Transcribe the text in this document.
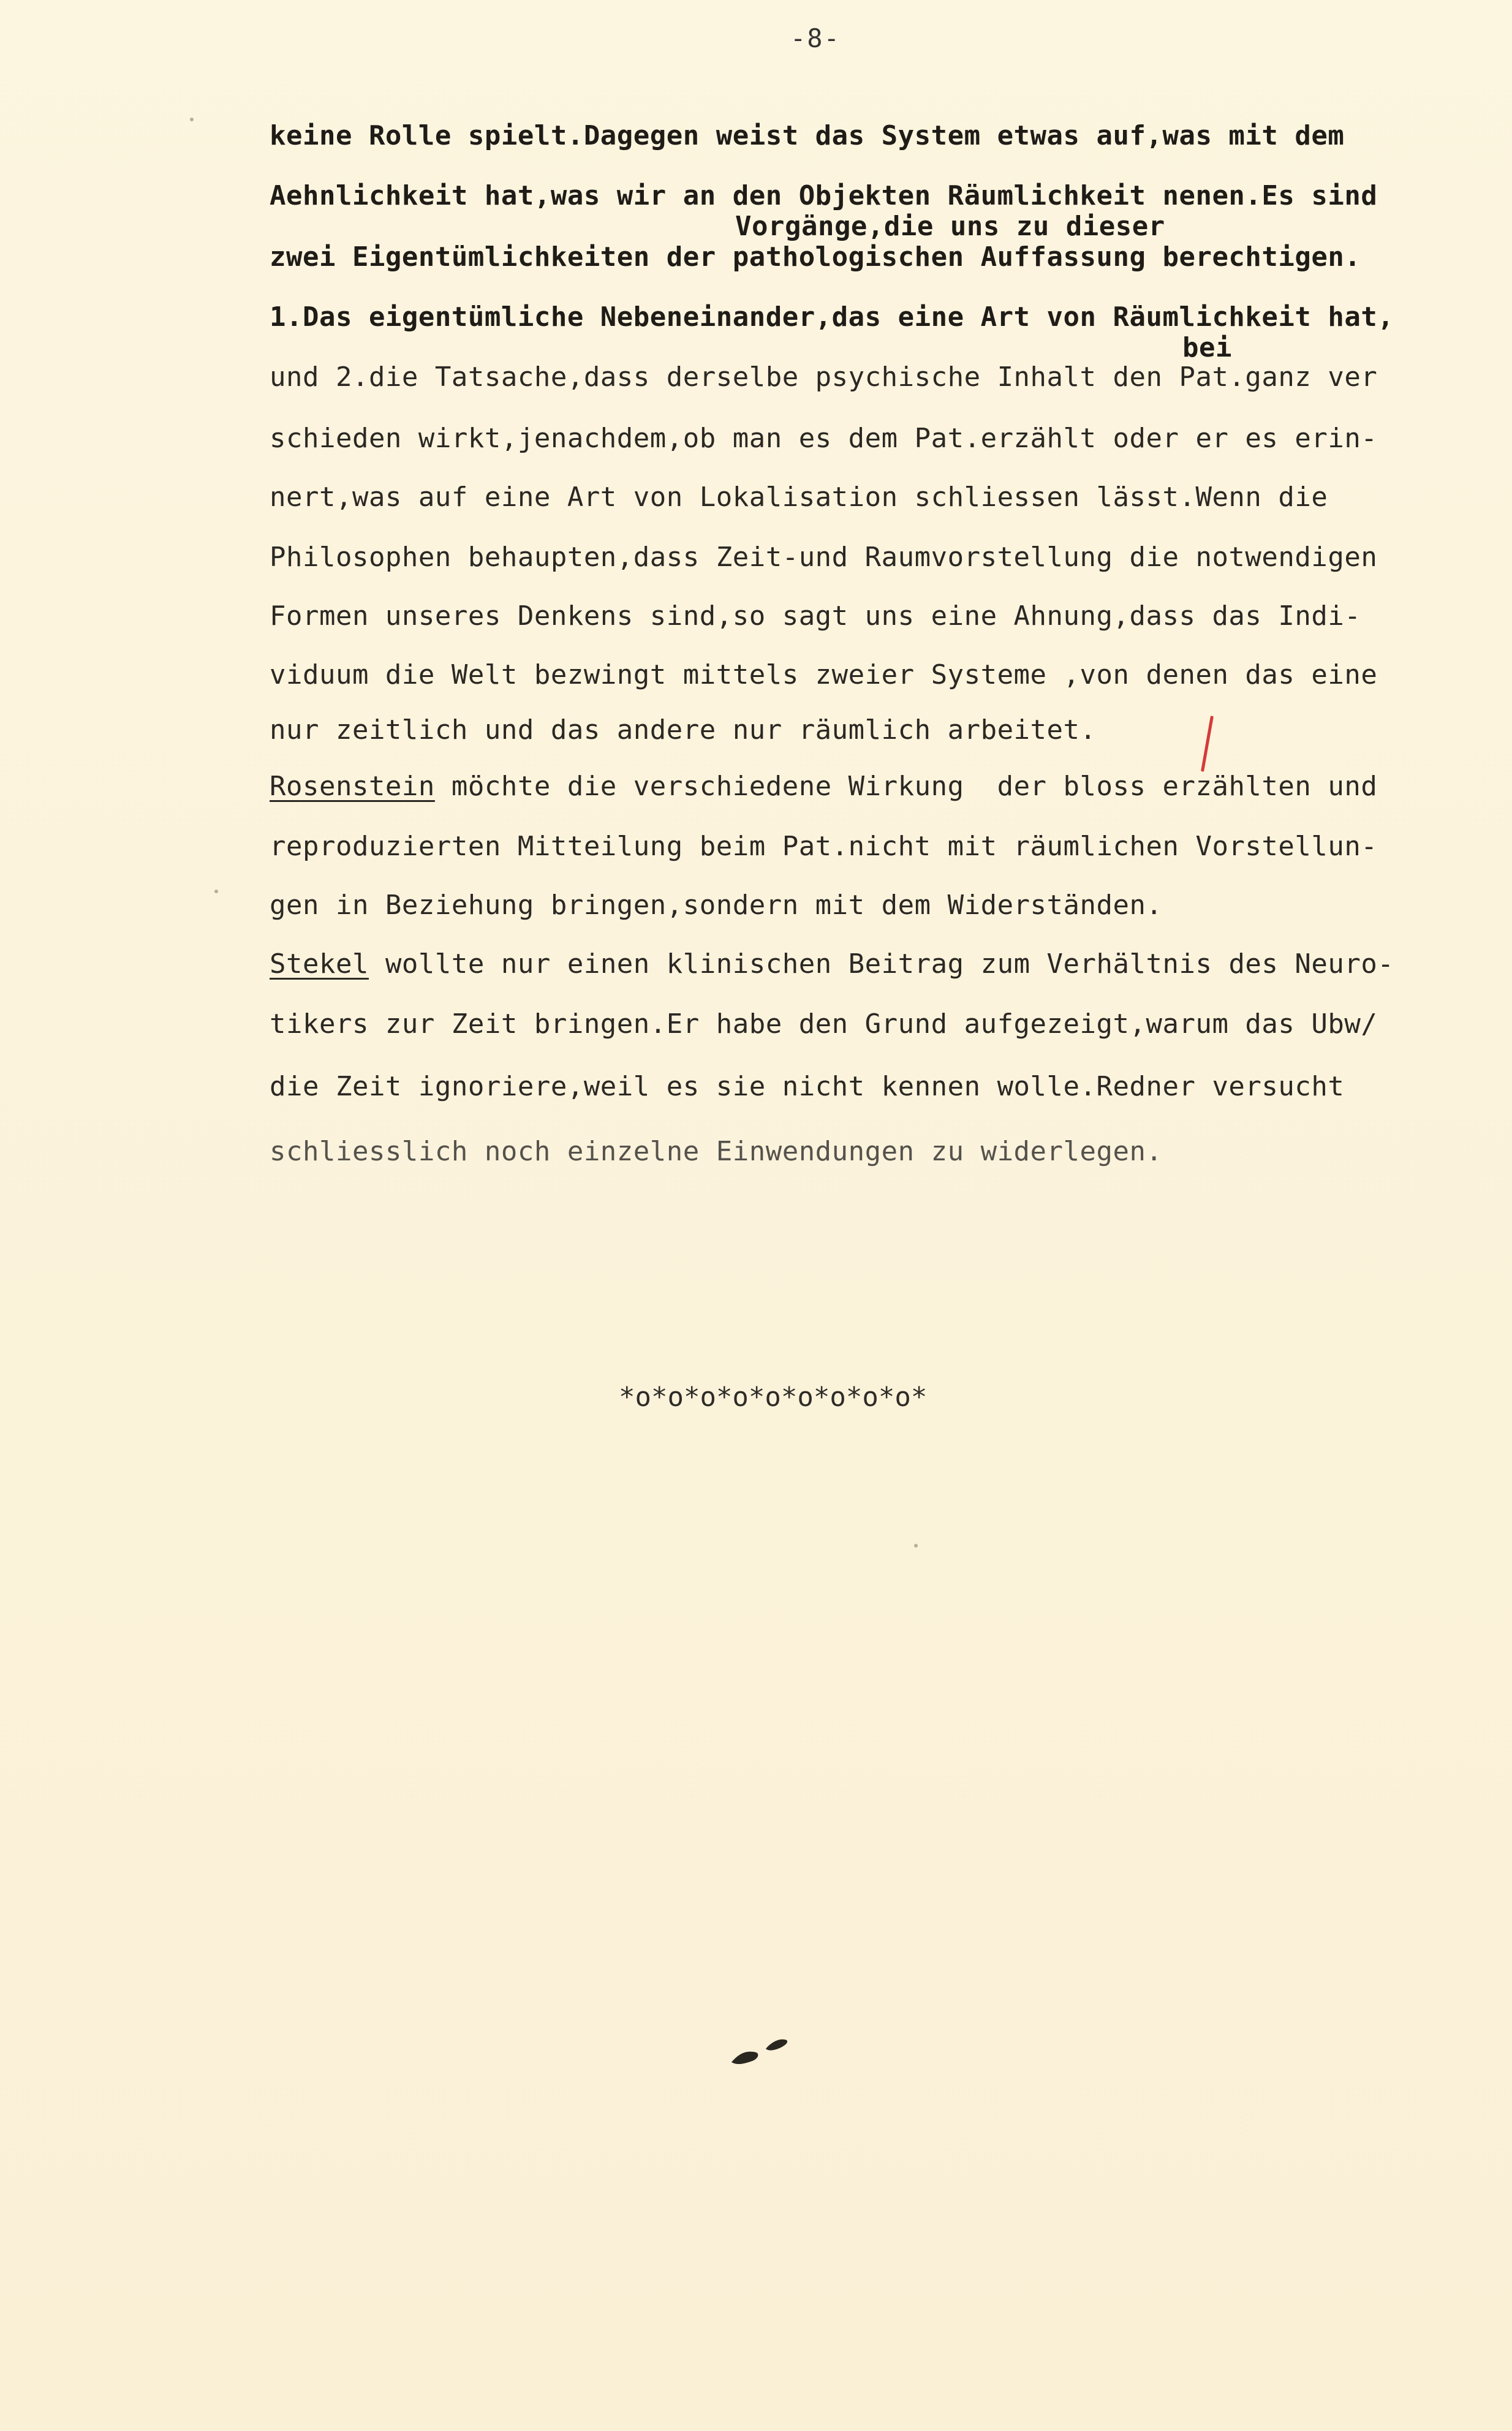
-8-
keine Rolle spielt.Dagegen weist das System etwas auf,was mit dem
Aehnlichkeit hat,was wir an den Objekten Räumlichkeit nenen.Es sind
Vorgänge,die uns zu dieser
zwei Eigentümlichkeiten der pathologischen Auffassung berechtigen.
1.Das eigentümliche Nebeneinander,das eine Art von Räumlichkeit hat,
bei
und 2.die Tatsache,dass derselbe psychische Inhalt den Pat.ganz ver
schieden wirkt,jenachdem,ob man es dem Pat.erzählt oder er es erin-
nert,was auf eine Art von Lokalisation schliessen lässt.Wenn die
Philosophen behaupten,dass Zeit-und Raumvorstellung die notwendigen
Formen unseres Denkens sind,so sagt uns eine Ahnung,dass das Indi-
viduum die Welt bezwingt mittels zweier Systeme ,von denen das eine
nur zeitlich und das andere nur räumlich arbeitet.
Rosenstein möchte die verschiedene Wirkung  der bloss erzählten und
reproduzierten Mitteilung beim Pat.nicht mit räumlichen Vorstellun-
gen in Beziehung bringen,sondern mit dem Widerständen.
Stekel wollte nur einen klinischen Beitrag zum Verhältnis des Neuro-
tikers zur Zeit bringen.Er habe den Grund aufgezeigt,warum das Ubw/
die Zeit ignoriere,weil es sie nicht kennen wolle.Redner versucht
schliesslich noch einzelne Einwendungen zu widerlegen.
*o*o*o*o*o*o*o*o*o*
